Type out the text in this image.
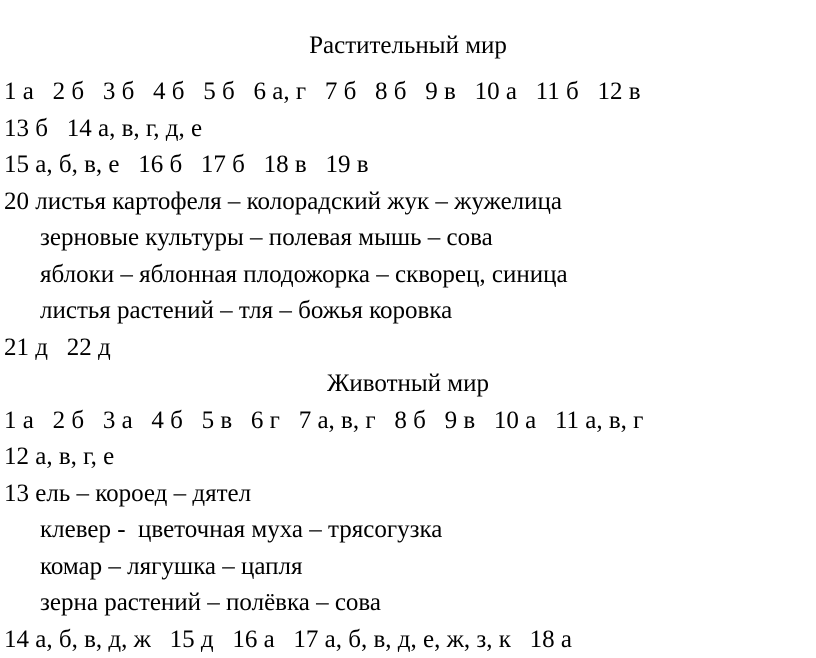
Растительный мир
1 а   2 б   3 б   4 б   5 б   6 а, г   7 б   8 б   9 в   10 а   11 б   12 в
13 б   14 а, в, г, д, е
15 а, б, в, е   16 б   17 б   18 в   19 в
20 листья картофеля – колорадский жук – жужелица
зерновые культуры – полевая мышь – сова
яблоки – яблонная плодожорка – скворец, синица
листья растений – тля – божья коровка
21 д   22 д
Животный мир
1 а   2 б   3 а   4 б   5 в   6 г   7 а, в, г   8 б   9 в   10 а   11 а, в, г
12 а, в, г, е
13 ель – короед – дятел
клевер -  цветочная муха – трясогузка
комар – лягушка – цапля
зерна растений – полёвка – сова
14 а, б, в, д, ж   15 д   16 а   17 а, б, в, д, е, ж, з, к   18 а
